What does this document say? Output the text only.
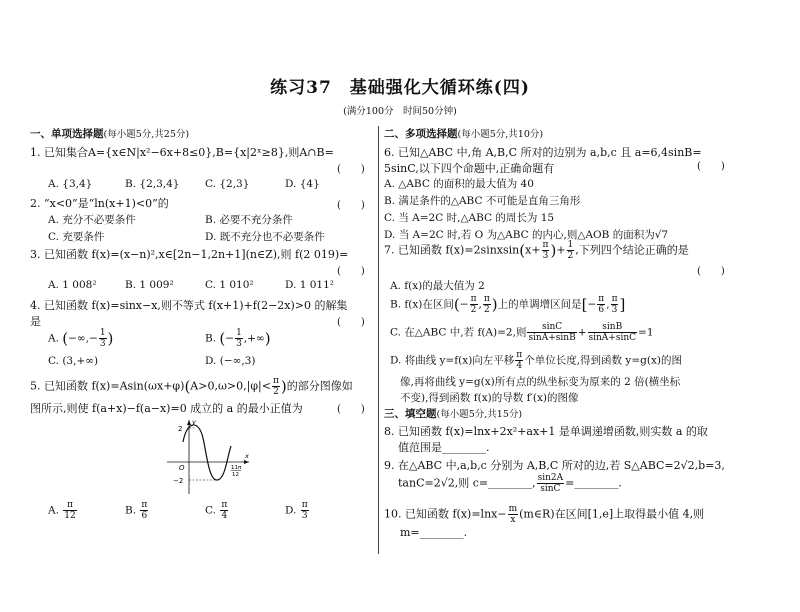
练习37　基础强化大循环练(四)
(满分100分　时间50分钟)
一、单项选择题(每小题5分,共25分)
1. 已知集合A={x∈N|x²−6x+8≤0},B={x|2ˣ≥8},则A∩B=
(　　)
A. {3,4}	B. {2,3,4} C. {2,3}	D. {4}
2. “x<0”是“ln(x+1)<0”的	(　　)
A. 充分不必要条件	B. 必要不充分条件
C. 充要条件	D. 既不充分也不必要条件
3. 已知函数 f(x)=(x−n)²,x∈[2n−1,2n+1](n∈Z),则 f(2 019)=
(　　)
A. 1 008²	B. 1 009²	C. 1 010²	D. 1 011²
4. 已知函数 f(x)=sinx−x,则不等式 f(x+1)+f(2−2x)>0 的解集
是	(　　)
A. (−∞,− $\frac{1}{3}$ )	B. (− $\frac{1}{3}$ ,+∞)
C. (3,+∞)	D. (−∞,3)
5. 已知函数 $f(x)=Asin(\omega x+\varphi)(A>0,\omega>0,|\varphi|< \frac{\pi}{2}$ )的部分图像如
图所示,则使 f(a+x)−f(a−x)=0 成立的 a 的最小正值为	(　　)
2
−2
O
x
y
11π
12
A. $\frac{\pi}{12}$	B. $\frac{\pi}{6}$	C. $\frac{\pi}{4}$	D. $\frac{\pi}{3}$
二、多项选择题(每小题5分,共10分)
6. 已知△ABC 中,角 A,B,C 所对的边别为 a,b,c 且 a=6,4sinB=
5sinC,以下四个命题中,正确命题有	(　　)
A. △ABC 的面积的最大值为 40
B. 满足条件的△ABC 不可能是直角三角形
C. 当 A=2C 时,△ABC 的周长为 15
D. 当 A=2C 时,若 O 为△ABC 的内心,则△AOB 的面积为√7
7. 已知函数 f(x)=2sinxsin(x+ $\frac{\pi}{3}$ )+ $\frac{1}{2}$ ,下列四个结论正确的是
(　　)
A. f(x)的最大值为 2
B. f(x)在区间(− $\frac{\pi}{2}$ , $\frac{\pi}{2}$ )上的单调增区间是[− $\frac{\pi}{6}$ , $\frac{\pi}{3}$ ]
C. 在△ABC 中,若 f(A)=2,则 $\frac{\sin C}{\sin A+\sin B} + \frac{\sin B}{\sin A+\sin C} =1$
D. 将曲线 y=f(x)向左平移 $\frac{\pi}{4}$ 个单位长度,得到函数 y=g(x)的图
像,再将曲线 y=g(x)所有点的纵坐标变为原来的 2 倍(横坐标
不变),得到函数 f(x)的导数 f′(x)的图像
三、填空题(每小题5分,共15分)
8. 已知函数 f(x)=lnx+2x²+ax+1 是单调递增函数,则实数 a 的取
值范围是________.
9. 在△ABC 中,a,b,c 分别为 A,B,C 所对的边,若 S△ABC=2√2,b=3,
tanC=2√2,则 c=________, $\frac{\sin 2A}{\sin C}$ =________.
10. 已知函数 $f(x)=\ln x- \frac{m}{x}$ (m∈R)在区间[1,e]上取得最小值 4,则
m=________.
